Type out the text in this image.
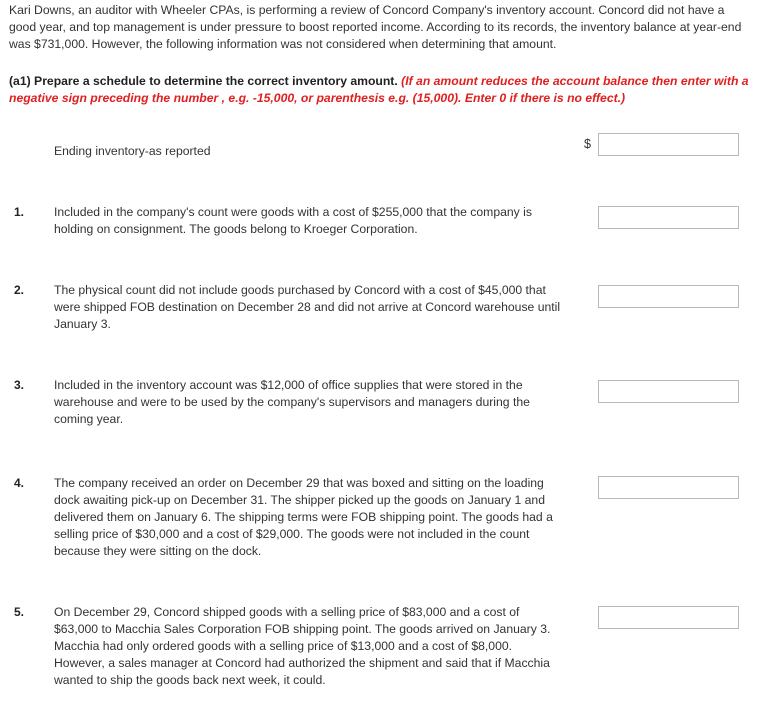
Kari Downs, an auditor with Wheeler CPAs, is performing a review of Concord Company's inventory account. Concord did not have a good year, and top management is under pressure to boost reported income. According to its records, the inventory balance at year-end was $731,000. However, the following information was not considered when determining that amount.
(a1) Prepare a schedule to determine the correct inventory amount. (If an amount reduces the account balance then enter with a negative sign preceding the number , e.g. -15,000, or parenthesis e.g. (15,000). Enter 0 if there is no effect.)
Ending inventory-as reported	$
1. Included in the company's count were goods with a cost of $255,000 that the company is holding on consignment. The goods belong to Kroeger Corporation.
2. The physical count did not include goods purchased by Concord with a cost of $45,000 that were shipped FOB destination on December 28 and did not arrive at Concord warehouse until January 3.
3. Included in the inventory account was $12,000 of office supplies that were stored in the warehouse and were to be used by the company's supervisors and managers during the coming year.
4. The company received an order on December 29 that was boxed and sitting on the loading dock awaiting pick-up on December 31. The shipper picked up the goods on January 1 and delivered them on January 6. The shipping terms were FOB shipping point. The goods had a selling price of $30,000 and a cost of $29,000. The goods were not included in the count because they were sitting on the dock.
5. On December 29, Concord shipped goods with a selling price of $83,000 and a cost of $63,000 to Macchia Sales Corporation FOB shipping point. The goods arrived on January 3. Macchia had only ordered goods with a selling price of $13,000 and a cost of $8,000. However, a sales manager at Concord had authorized the shipment and said that if Macchia wanted to ship the goods back next week, it could.
